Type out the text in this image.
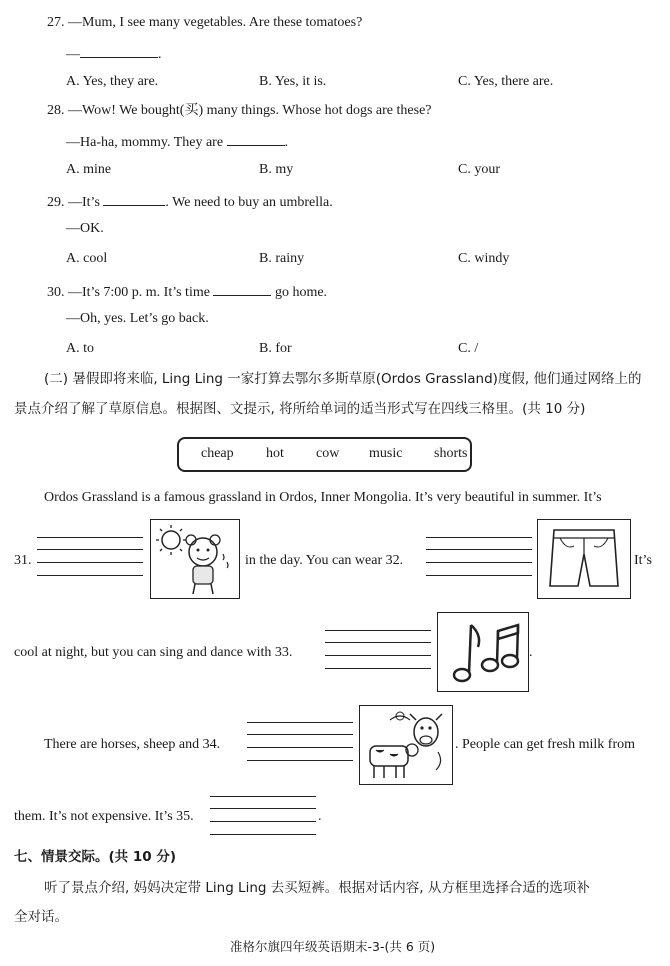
27. —Mum, I see many vegetables. Are these tomatoes?
—	.
A. Yes, they are.	B. Yes, it is.	C. Yes, there are.
28. —Wow! We bought(买) many things. Whose hot dogs are these?
—Ha-ha, mommy. They are	.
A. mine	B. my	C. your
29. —It’s	. We need to buy an umbrella.
—OK.
A. cool	B. rainy	C. windy
30. —It’s 7:00 p. m. It’s time	go home.
—Oh, yes. Let’s go back.
A. to	B. for	C. /
(二) 暑假即将来临, Ling Ling 一家打算去鄂尔多斯草原(Ordos Grassland)度假, 他们通过网络上的
景点介绍了解了草原信息。根据图、文提示, 将所给单词的适当形式写在四线三格里。(共 10 分)
cheap hot cow music shorts
Ordos Grassland is a famous grassland in Ordos, Inner Mongolia. It’s very beautiful in summer. It’s
31.	in the day. You can wear 32.	It’s
cool at night, but you can sing and dance with 33.	.
There are horses, sheep and 34.	. People can get fresh milk from
them. It’s not expensive. It’s 35.	.
七、情景交际。(共 10 分)
听了景点介绍, 妈妈决定带 Ling Ling 去买短裤。根据对话内容, 从方框里选择合适的选项补
全对话。
准格尔旗四年级英语期末-3-(共 6 页)
